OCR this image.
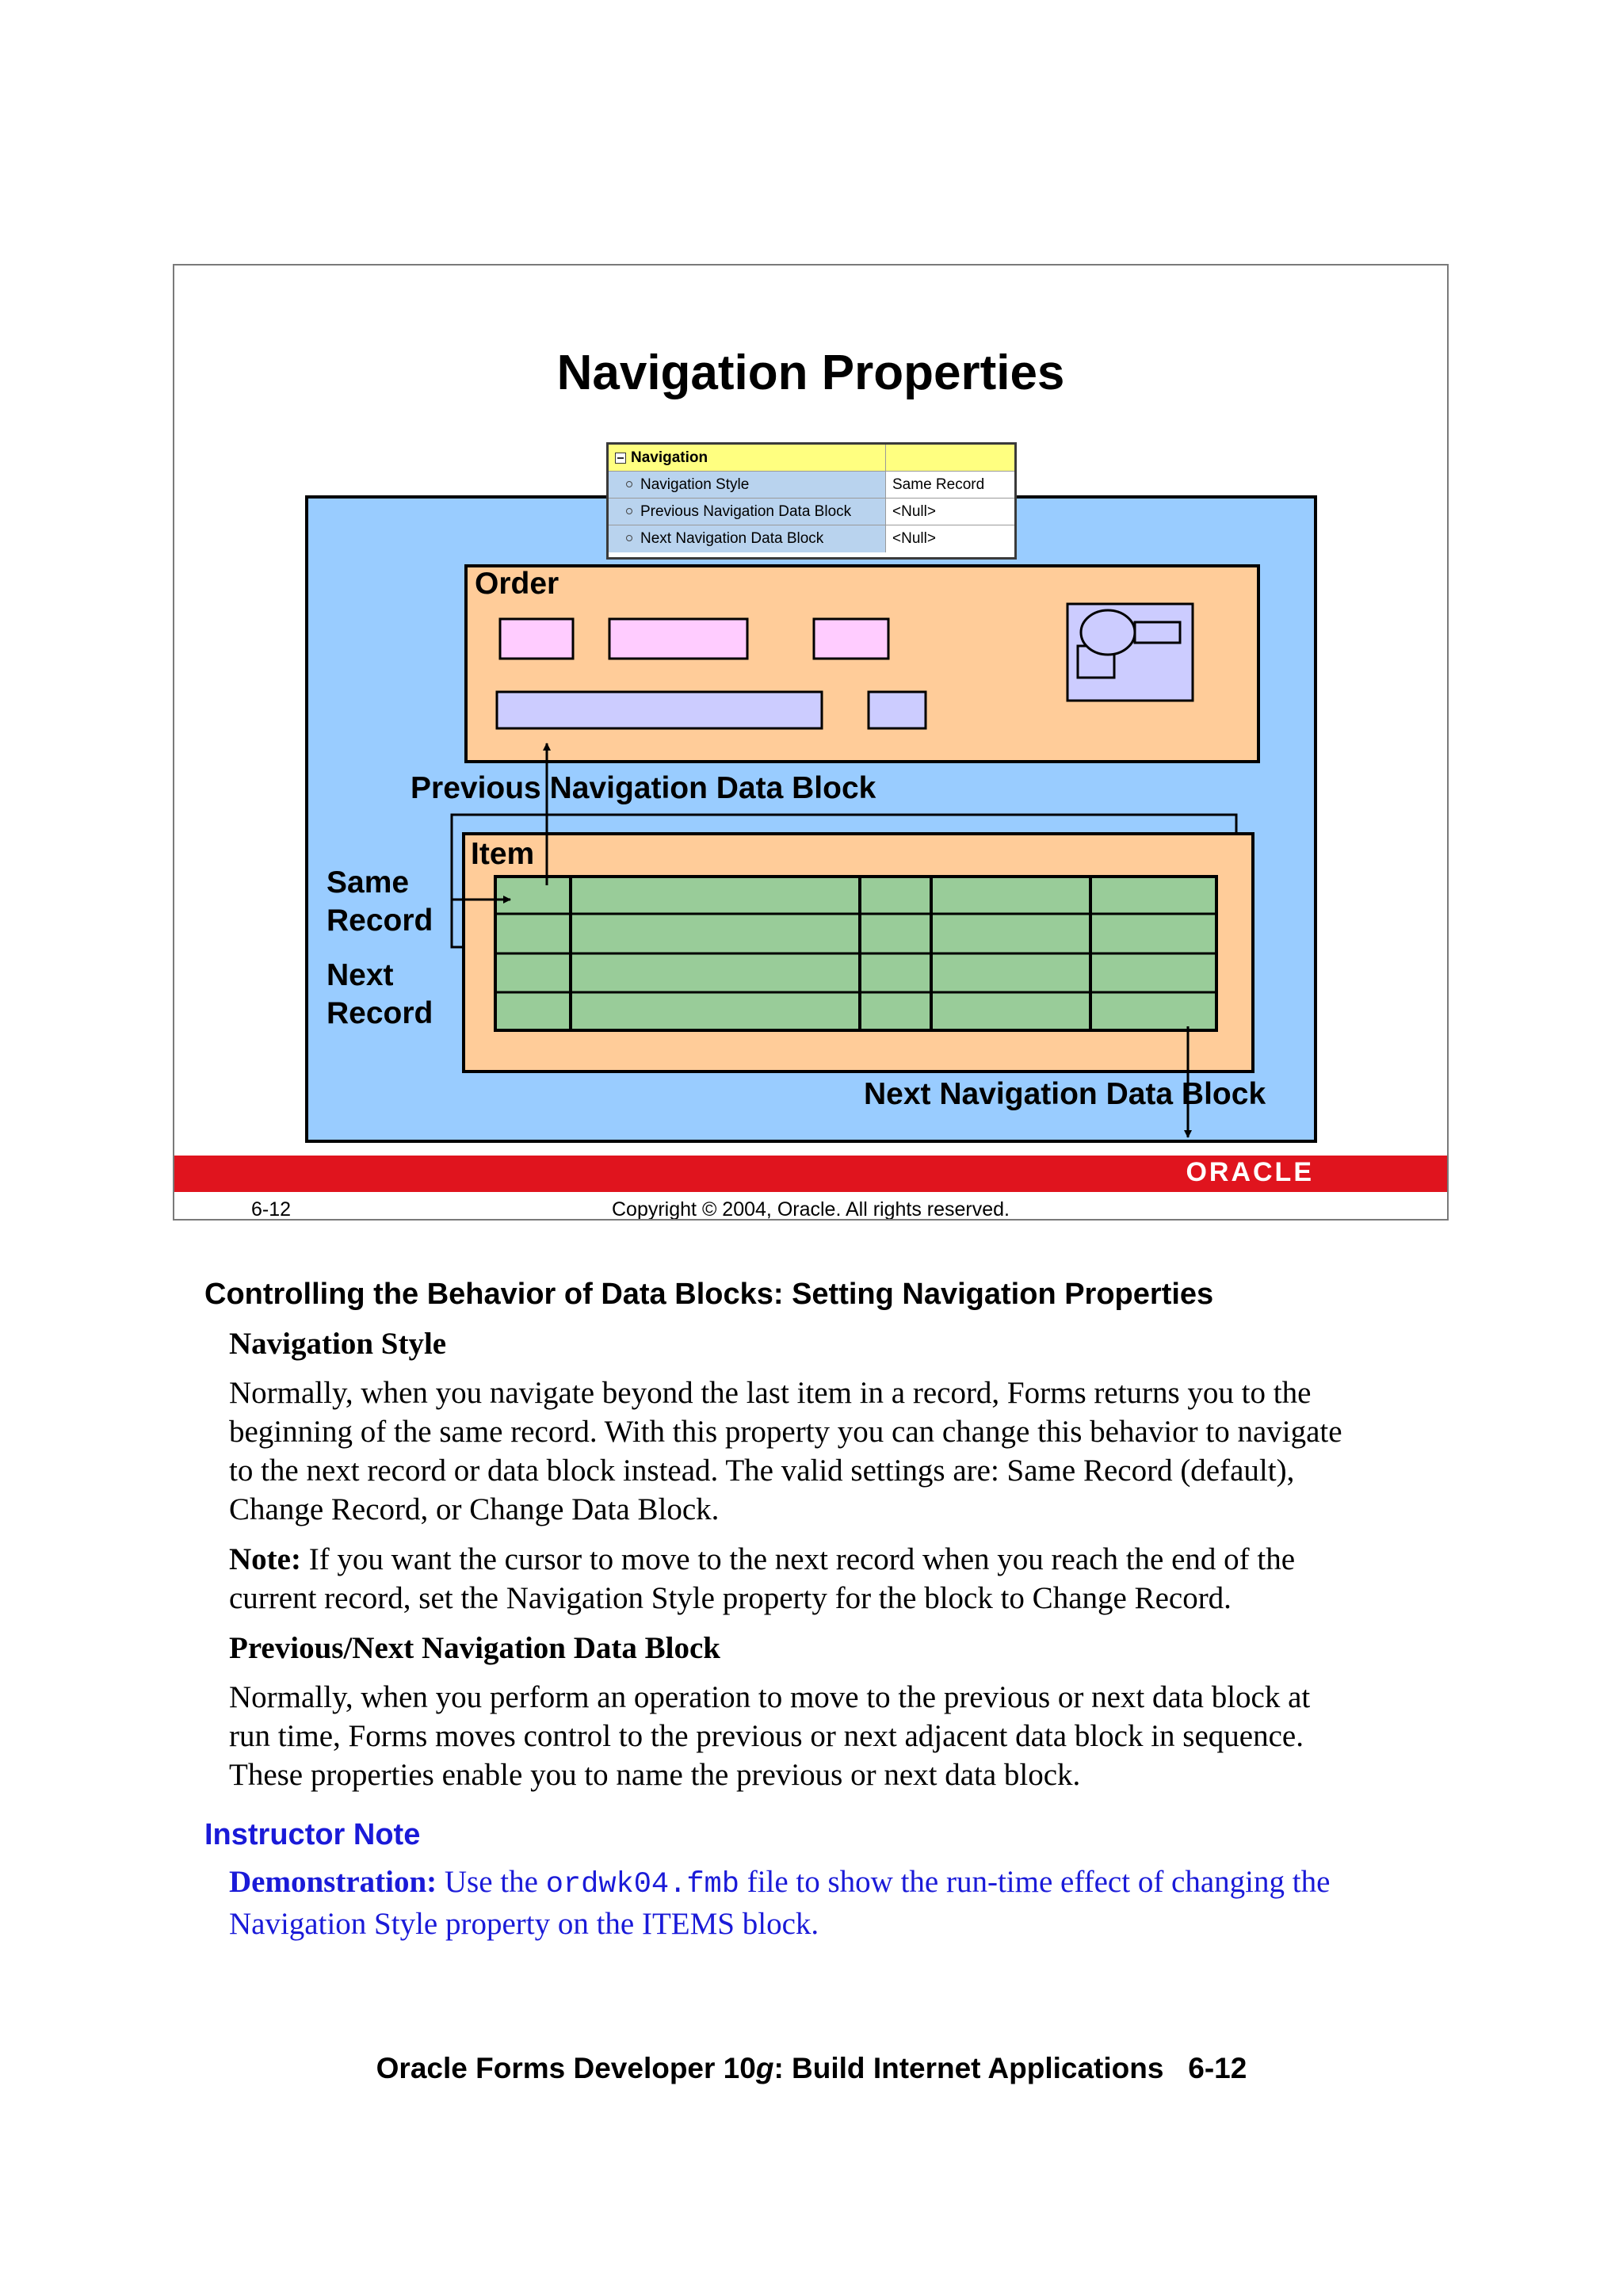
Navigation Properties
Navigation
Navigation Style	Same Record
Previous Navigation Data Block	<Null>
Next Navigation Data Block	<Null>
Order
Previous Navigation Data Block
Item
Same
Record
Next
Record
Next Navigation Data Block
ORACLE
6-12	Copyright © 2004, Oracle. All rights reserved.
Controlling the Behavior of Data Blocks: Setting Navigation Properties
Navigation Style
Normally, when you navigate beyond the last item in a record, Forms returns you to the
beginning of the same record. With this property you can change this behavior to navigate
to the next record or data block instead. The valid settings are: Same Record (default),
Change Record, or Change Data Block.
Note: If you want the cursor to move to the next record when you reach the end of the
current record, set the Navigation Style property for the block to Change Record.
Previous/Next Navigation Data Block
Normally, when you perform an operation to move to the previous or next data block at
run time, Forms moves control to the previous or next adjacent data block in sequence.
These properties enable you to name the previous or next data block.
Instructor Note
Demonstration: Use the ordwk04.fmb file to show the run-time effect of changing the
Navigation Style property on the ITEMS block.
Oracle Forms Developer 10g: Build Internet Applications   6-12
